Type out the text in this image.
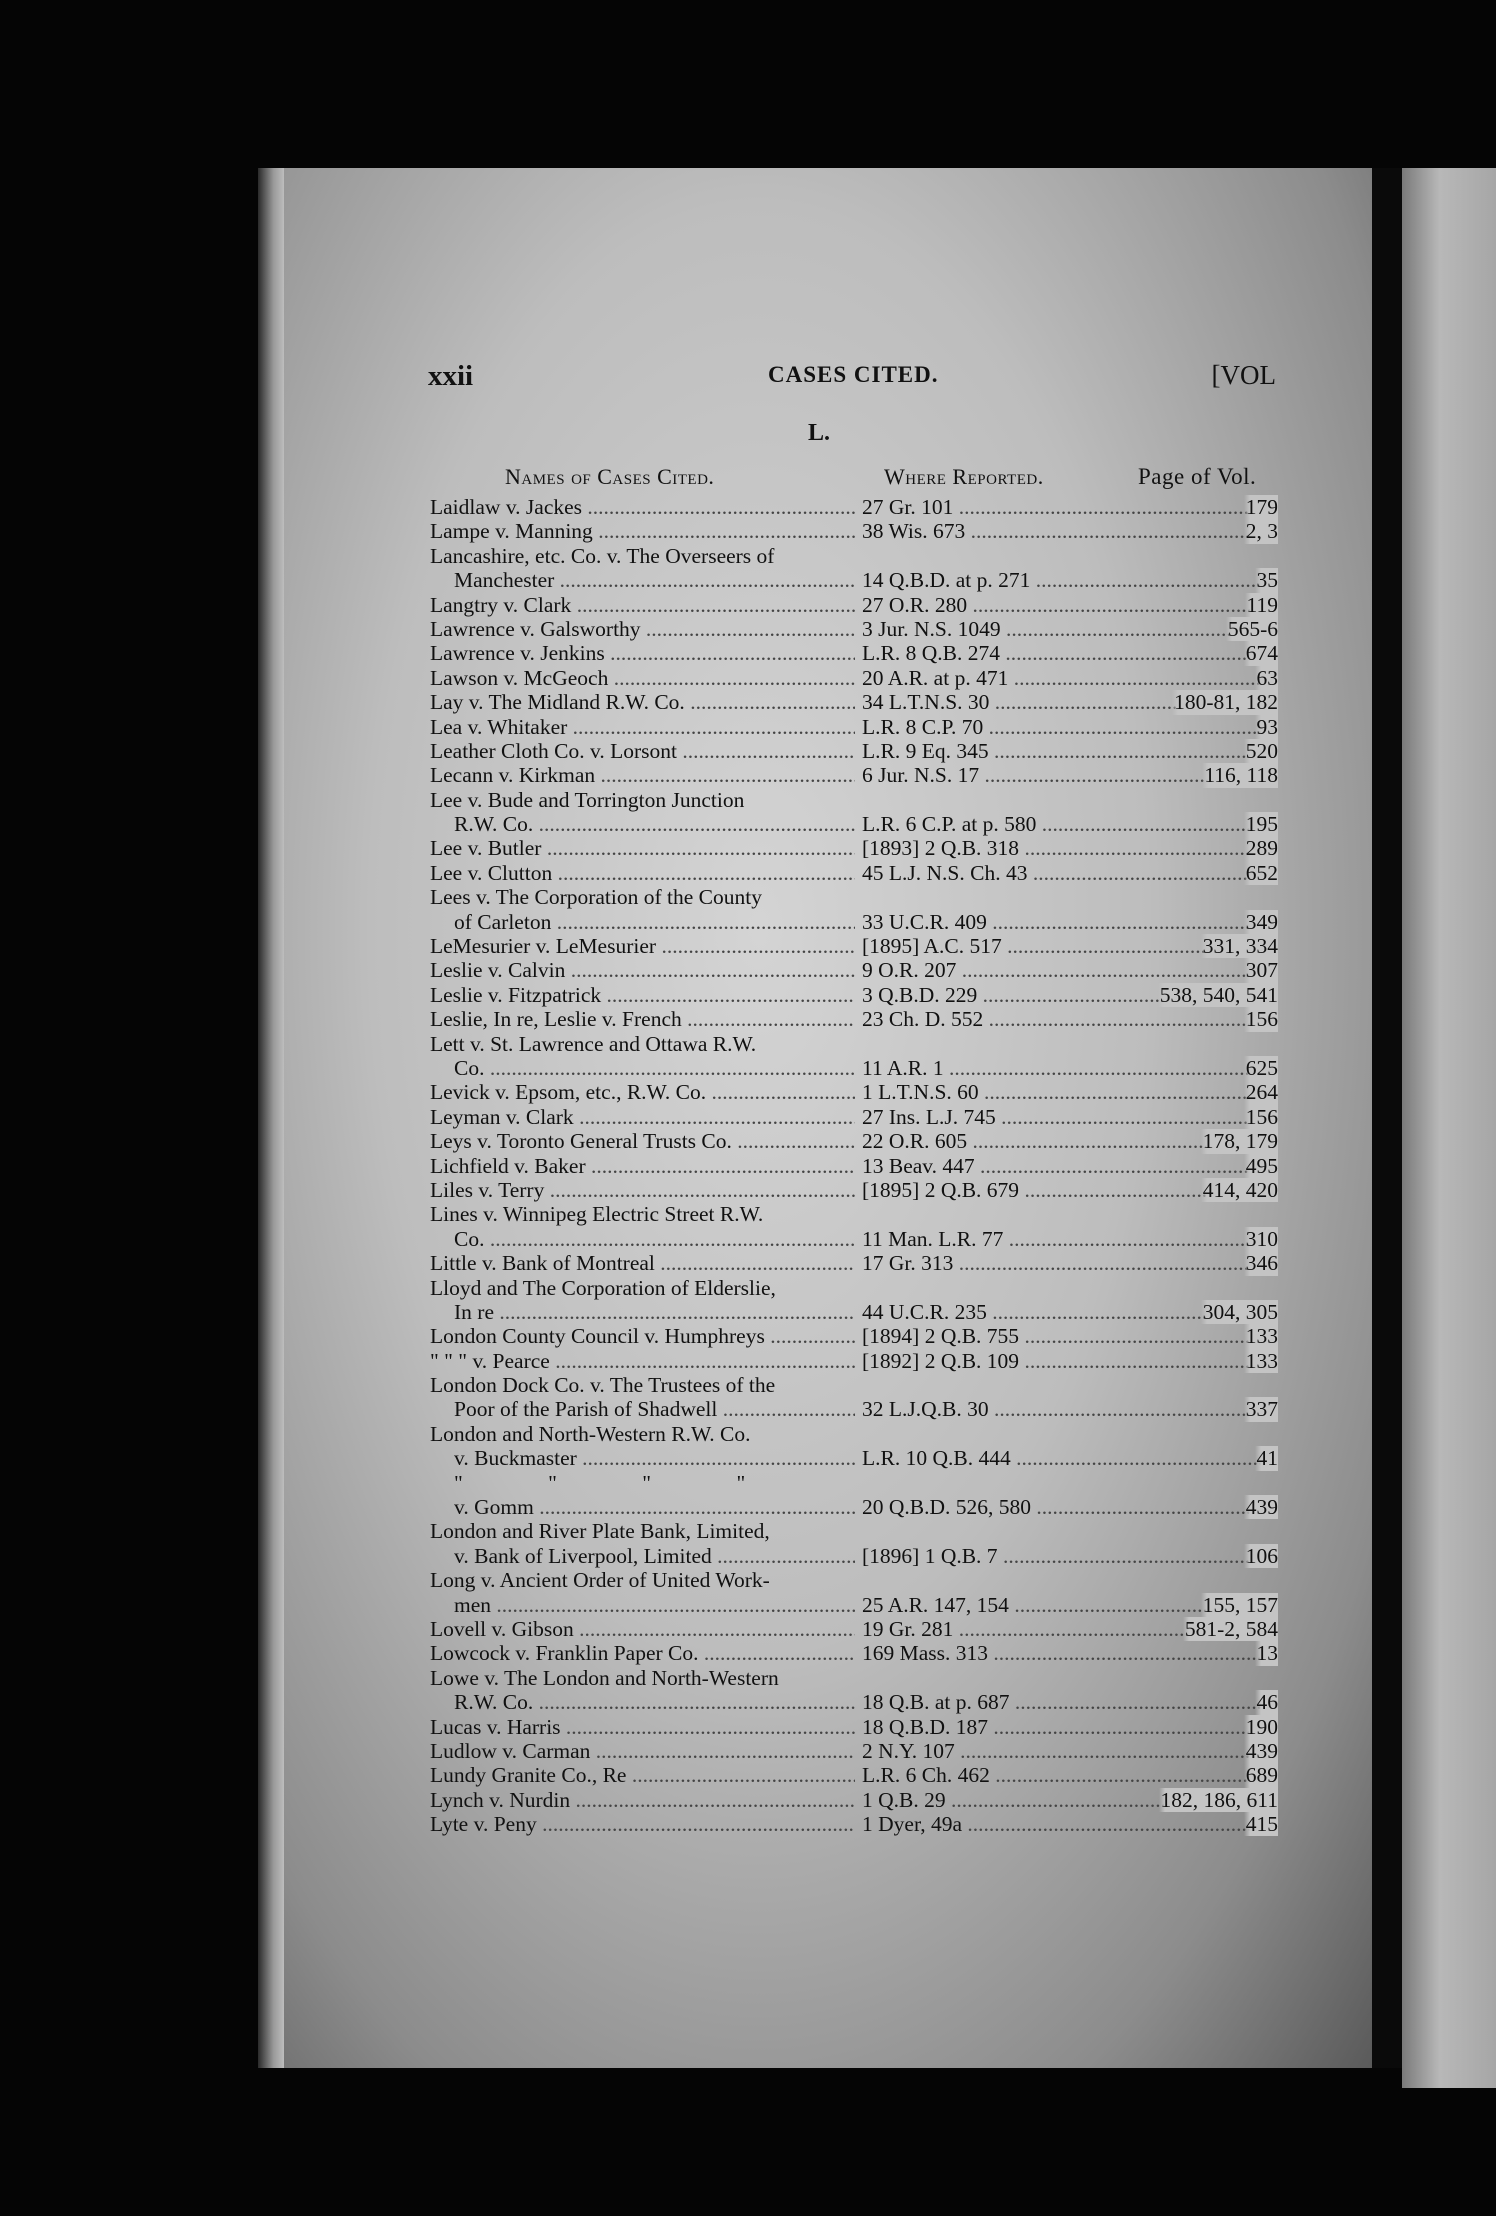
xxii	CASES CITED.	[VOL
L.
Names of Cases Cited.	Where Reported.	Page of Vol.
Laidlaw v. Jackes .....	27 Gr. 101 .....	179
Lampe v. Manning .....	38 Wis. 673 .....	2, 3
Lancashire, etc. Co. v. The Overseers of
Manchester .....	14 Q.B.D. at p. 271 .....	35
Langtry v. Clark .....	27 O.R. 280 .....	119
Lawrence v. Galsworthy .....	3 Jur. N.S. 1049 .....	565-6
Lawrence v. Jenkins .....	L.R. 8 Q.B. 274 .....	674
Lawson v. McGeoch .....	20 A.R. at p. 471 .....	63
Lay v. The Midland R.W. Co. .....	34 L.T.N.S. 30 .....	180-81, 182
Lea v. Whitaker .....	L.R. 8 C.P. 70 .....	93
Leather Cloth Co. v. Lorsont .....	L.R. 9 Eq. 345 .....	520
Lecann v. Kirkman .....	6 Jur. N.S. 17 .....	116, 118
Lee v. Bude and Torrington Junction
R.W. Co. .....	L.R. 6 C.P. at p. 580 .....	195
Lee v. Butler .....	[1893] 2 Q.B. 318 .....	289
Lee v. Clutton .....	45 L.J. N.S. Ch. 43 .....	652
Lees v. The Corporation of the County
of Carleton .....	33 U.C.R. 409 .....	349
LeMesurier v. LeMesurier .....	[1895] A.C. 517 .....	331, 334
Leslie v. Calvin .....	9 O.R. 207 .....	307
Leslie v. Fitzpatrick .....	3 Q.B.D. 229 .....	538, 540, 541
Leslie, In re, Leslie v. French .....	23 Ch. D. 552 .....	156
Lett v. St. Lawrence and Ottawa R.W.
Co. .....	11 A.R. 1 .....	625
Levick v. Epsom, etc., R.W. Co. .....	1 L.T.N.S. 60 .....	264
Leyman v. Clark .....	27 Ins. L.J. 745 .....	156
Leys v. Toronto General Trusts Co. .....	22 O.R. 605 .....	178, 179
Lichfield v. Baker .....	13 Beav. 447 .....	495
Liles v. Terry .....	[1895] 2 Q.B. 679 .....	414, 420
Lines v. Winnipeg Electric Street R.W.
Co. .....	11 Man. L.R. 77 .....	310
Little v. Bank of Montreal .....	17 Gr. 313 .....	346
Lloyd and The Corporation of Elderslie,
In re .....	44 U.C.R. 235 .....	304, 305
London County Council v. Humphreys .....	[1894] 2 Q.B. 755 .....	133
" " " v. Pearce .....	[1892] 2 Q.B. 109 .....	133
London Dock Co. v. The Trustees of the
Poor of the Parish of Shadwell .....	32 L.J.Q.B. 30 .....	337
London and North-Western R.W. Co.
v. Buckmaster .....	L.R. 10 Q.B. 444 .....	41
" " " "
v. Gomm .....	20 Q.B.D. 526, 580 .....	439
London and River Plate Bank, Limited,
v. Bank of Liverpool, Limited .....	[1896] 1 Q.B. 7 .....	106
Long v. Ancient Order of United Work-
men .....	25 A.R. 147, 154 .....	155, 157
Lovell v. Gibson .....	19 Gr. 281 .....	581-2, 584
Lowcock v. Franklin Paper Co. .....	169 Mass. 313 .....	13
Lowe v. The London and North-Western
R.W. Co. .....	18 Q.B. at p. 687 .....	46
Lucas v. Harris .....	18 Q.B.D. 187 .....	190
Ludlow v. Carman .....	2 N.Y. 107 .....	439
Lundy Granite Co., Re .....	L.R. 6 Ch. 462 .....	689
Lynch v. Nurdin .....	1 Q.B. 29 .....	182, 186, 611
Lyte v. Peny .....	1 Dyer, 49a .....	415
